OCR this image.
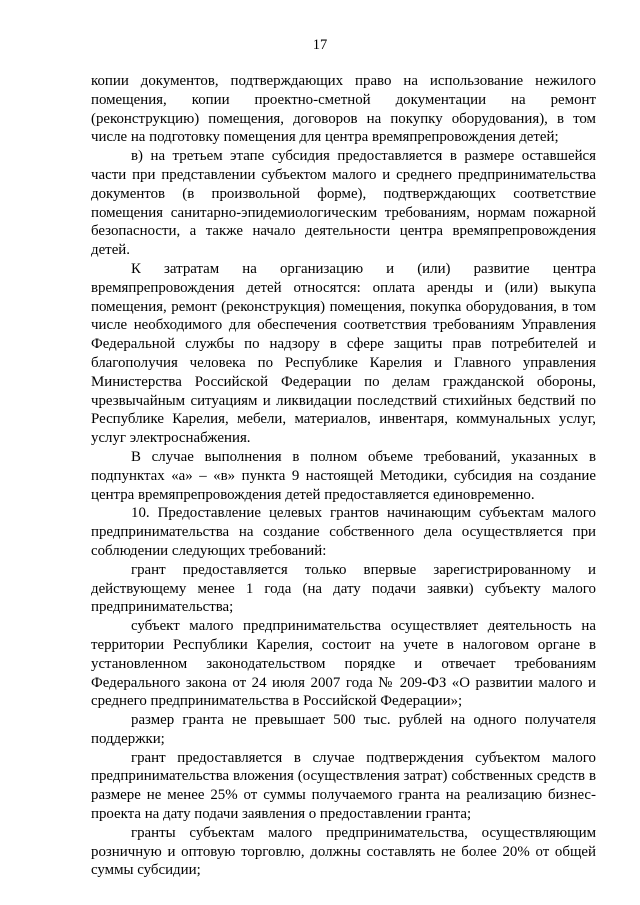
17

копии документов, подтверждающих право на использование нежилого помещения, копии проектно-сметной документации на ремонт (реконструкцию) помещения, договоров на покупку оборудования), в том числе на подготовку помещения для центра времяпрепровождения детей;

в) на третьем этапе субсидия предоставляется в размере оставшейся части при представлении субъектом малого и среднего предпринимательства документов (в произвольной форме), подтверждающих соответствие помещения санитарно-эпидемиологическим требованиям, нормам пожарной безопасности, а также начало деятельности центра времяпрепровождения детей.

К затратам на организацию и (или) развитие центра времяпрепровождения детей относятся: оплата аренды и (или) выкупа помещения, ремонт (реконструкция) помещения, покупка оборудования, в том числе необходимого для обеспечения соответствия требованиям Управления Федеральной службы по надзору в сфере защиты прав потребителей и благополучия человека по Республике Карелия и Главного управления Министерства Российской Федерации по делам гражданской обороны, чрезвычайным ситуациям и ликвидации последствий стихийных бедствий по Республике Карелия, мебели, материалов, инвентаря, коммунальных услуг, услуг электроснабжения.

В случае выполнения в полном объеме требований, указанных в подпунктах «а» – «в» пункта 9 настоящей Методики, субсидия на создание центра времяпрепровождения детей предоставляется единовременно.

10. Предоставление целевых грантов начинающим субъектам малого предпринимательства на создание собственного дела осуществляется при соблюдении следующих требований:

грант предоставляется только впервые зарегистрированному и действующему менее 1 года (на дату подачи заявки) субъекту малого предпринимательства;

субъект малого предпринимательства осуществляет деятельность на территории Республики Карелия, состоит на учете в налоговом органе в установленном законодательством порядке и отвечает требованиям Федерального закона от 24 июля 2007 года № 209-ФЗ «О развитии малого и среднего предпринимательства в Российской Федерации»;

размер гранта не превышает 500 тыс. рублей на одного получателя поддержки;

грант предоставляется в случае подтверждения субъектом малого предпринимательства вложения (осуществления затрат) собственных средств в размере не менее 25% от суммы получаемого гранта на реализацию бизнес-проекта на дату подачи заявления о предоставлении гранта;

гранты субъектам малого предпринимательства, осуществляющим розничную и оптовую торговлю, должны составлять не более 20% от общей суммы субсидии;
